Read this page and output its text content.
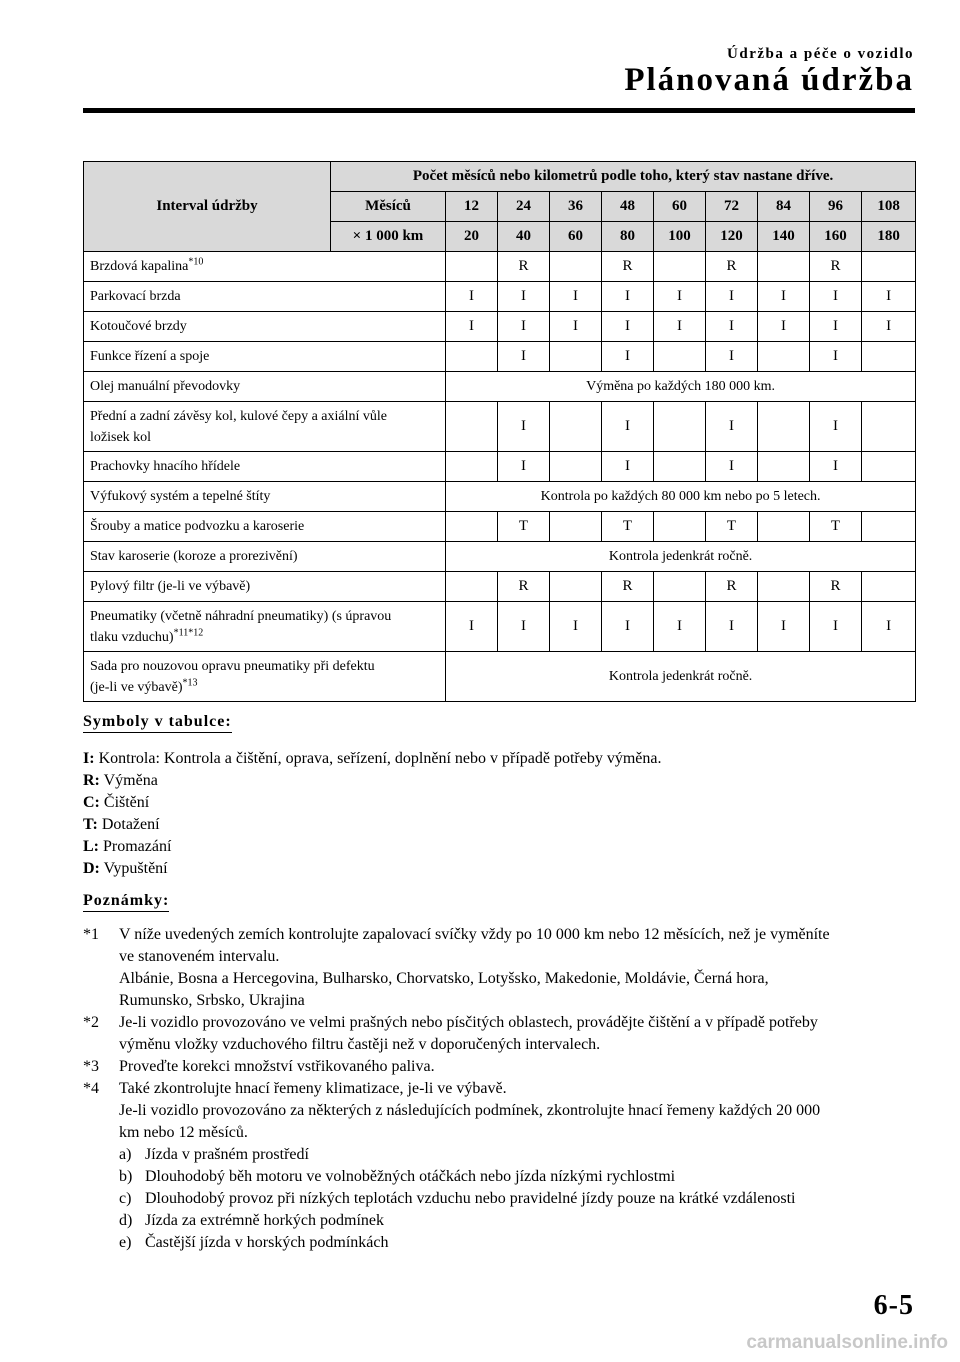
Údržba a péče o vozidlo
Plánovaná údržba
Interval údržby	Počet měsíců nebo kilometrů podle toho, který stav nastane dříve.									
	Měsíců	12	24	36	48	60	72	84	96	108
	× 1 000 km	20	40	60	80	100	120	140	160	180
Brzdová kapalina$^{*10}$			R		R		R		R	
Parkovací brzda		I	I	I	I	I	I	I	I	I
Kotoučové brzdy		I	I	I	I	I	I	I	I	I
Funkce řízení a spoje			I		I		I		I	
Olej manuální převodovky		Výměna po každých 180 000 km.								
Přední a zadní závěsy kol, kulové čepy a axiální vůle
ložisek kol			I		I		I		I	
Prachovky hnacího hřídele			I		I		I		I	
Výfukový systém a tepelné štíty		Kontrola po každých 80 000 km nebo po 5 letech.								
Šrouby a matice podvozku a karoserie			T		T		T		T	
Stav karoserie (koroze a prorezivění)		Kontrola jedenkrát ročně.								
Pylový filtr (je-li ve výbavě)			R		R		R		R	
Pneumatiky (včetně náhradní pneumatiky) (s úpravou
tlaku vzduchu)$^{*11*12}$		I	I	I	I	I	I	I	I	I
Sada pro nouzovou opravu pneumatiky při defektu
(je-li ve výbavě)$^{*13}$		Kontrola jedenkrát ročně.								
Symboly v tabulce:
I: Kontrola: Kontrola a čištění, oprava, seřízení, doplnění nebo v případě potřeby výměna.
R: Výměna
C: Čištění
T: Dotažení
L: Promazání
D: Vypuštění
Poznámky:
*1 V níže uvedených zemích kontrolujte zapalovací svíčky vždy po 10 000 km nebo 12 měsících, než je vyměníte
ve stanoveném intervalu.
Albánie, Bosna a Hercegovina, Bulharsko, Chorvatsko, Lotyšsko, Makedonie, Moldávie, Černá hora,
Rumunsko, Srbsko, Ukrajina
*2 Je-li vozidlo provozováno ve velmi prašných nebo písčitých oblastech, provádějte čištění a v případě potřeby
výměnu vložky vzduchového filtru častěji než v doporučených intervalech.
*3 Proveďte korekci množství vstřikovaného paliva.
*4 Také zkontrolujte hnací řemeny klimatizace, je-li ve výbavě.
Je-li vozidlo provozováno za některých z následujících podmínek, zkontrolujte hnací řemeny každých 20 000
km nebo 12 měsíců.
a) Jízda v prašném prostředí
b) Dlouhodobý běh motoru ve volnoběžných otáčkách nebo jízda nízkými rychlostmi
c) Dlouhodobý provoz při nízkých teplotách vzduchu nebo pravidelné jízdy pouze na krátké vzdálenosti
d) Jízda za extrémně horkých podmínek
e) Častější jízda v horských podmínkách
6-5
carmanualsonline.info
